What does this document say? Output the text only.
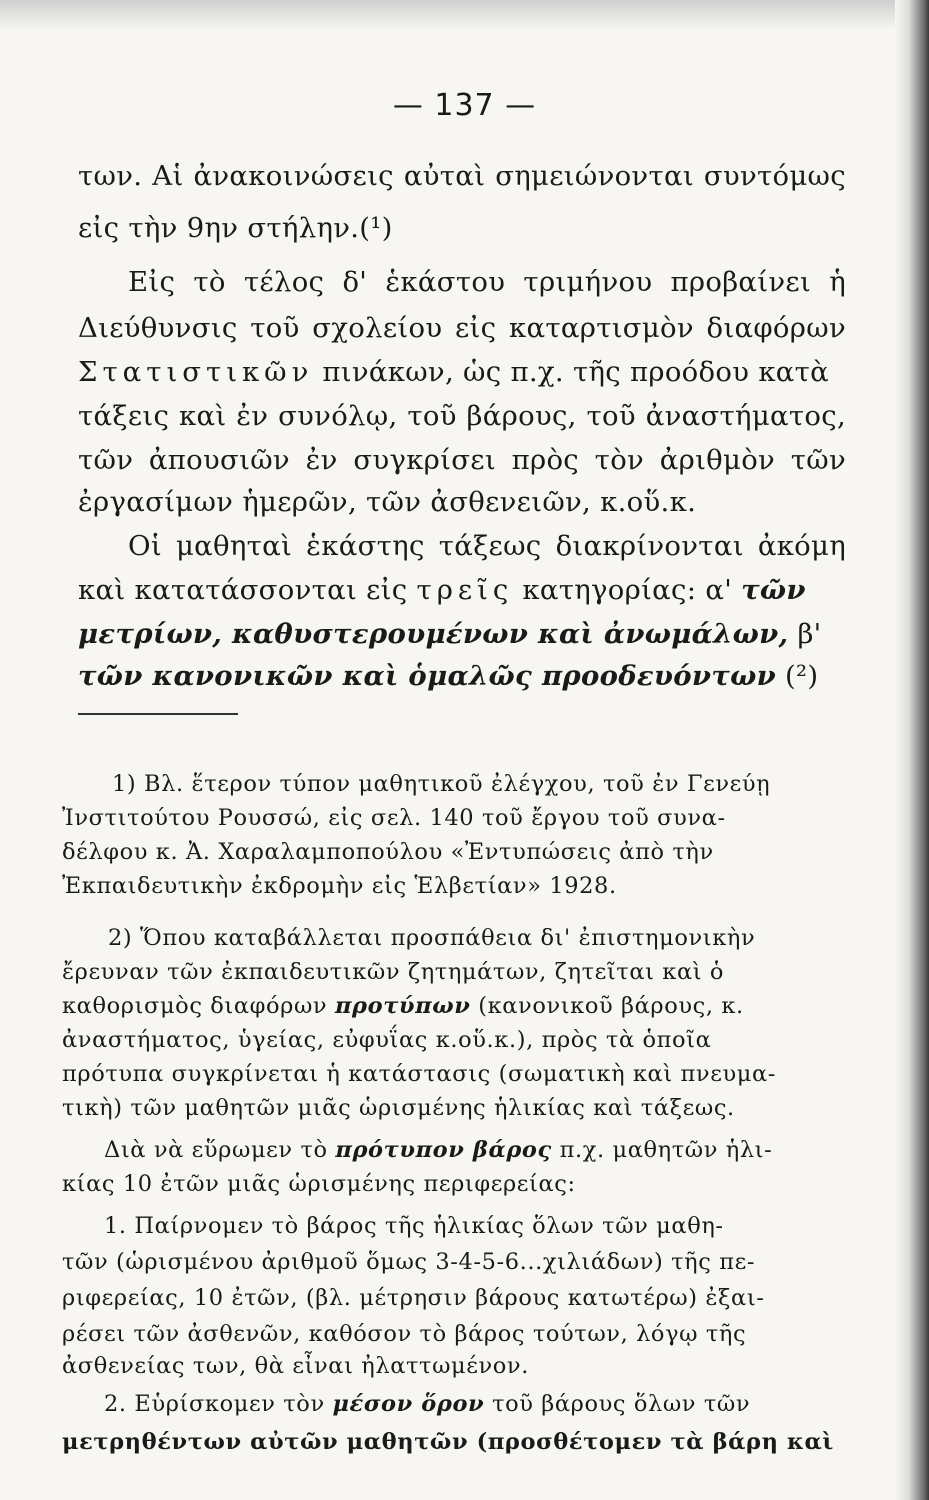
— 137 —
των. Αἱ ἀνακοινώσεις αὐταὶ σημειώνονται συντόμως
εἰς τὴν 9ην στήλην.(¹)
Εἰς τὸ τέλος δ' ἑκάστου τριμήνου προβαίνει ἡ
Διεύθυνσις τοῦ σχολείου εἰς καταρτισμὸν διαφόρων
Στατιστικῶν πινάκων, ὡς π.χ. τῆς προόδου κατὰ
τάξεις καὶ ἐν συνόλῳ, τοῦ βάρους, τοῦ ἀναστήματος,
τῶν ἀπουσιῶν ἐν συγκρίσει πρὸς τὸν ἀριθμὸν τῶν
ἐργασίμων ἡμερῶν, τῶν ἀσθενειῶν, κ.οὕ.κ.
Οἱ μαθηταὶ ἑκάστης τάξεως διακρίνονται ἀκόμη
καὶ κατατάσσονται εἰς τρεῖς κατηγορίας: α' τῶν
μετρίων, καθυστερουμένων καὶ ἀνωμάλων, β'
τῶν κανονικῶν καὶ ὁμαλῶς προοδευόντων (²)
1) Βλ. ἕτερον τύπον μαθητικοῦ ἐλέγχου, τοῦ ἐν Γενεύῃ
Ἰνστιτούτου Ρουσσώ, εἰς σελ. 140 τοῦ ἔργου τοῦ συνα-
δέλφου κ. Ἀ. Χαραλαμποπούλου «Ἐντυπώσεις ἀπὸ τὴν
Ἐκπαιδευτικὴν ἐκδρομὴν εἰς Ἑλβετίαν» 1928.
2) Ὅπου καταβάλλεται προσπάθεια δι' ἐπιστημονικὴν
ἔρευναν τῶν ἐκπαιδευτικῶν ζητημάτων, ζητεῖται καὶ ὁ
καθορισμὸς διαφόρων προτύπων (κανονικοῦ βάρους, κ.
ἀναστήματος, ὑγείας, εὐφυΐας κ.οὕ.κ.), πρὸς τὰ ὁποῖα
πρότυπα συγκρίνεται ἡ κατάστασις (σωματικὴ καὶ πνευμα-
τικὴ) τῶν μαθητῶν μιᾶς ὡρισμένης ἡλικίας καὶ τάξεως.
Διὰ νὰ εὕρωμεν τὸ πρότυπον βάρος π.χ. μαθητῶν ἡλι-
κίας 10 ἐτῶν μιᾶς ὡρισμένης περιφερείας:
1. Παίρνομεν τὸ βάρος τῆς ἡλικίας ὅλων τῶν μαθη-
τῶν (ὡρισμένου ἀριθμοῦ ὅμως 3-4-5-6...χιλιάδων) τῆς πε-
ριφερείας, 10 ἐτῶν, (βλ. μέτρησιν βάρους κατωτέρω) ἐξαι-
ρέσει τῶν ἀσθενῶν, καθόσον τὸ βάρος τούτων, λόγῳ τῆς
ἀσθενείας των, θὰ εἶναι ἠλαττωμένον.
2. Εὑρίσκομεν τὸν μέσον ὅρον τοῦ βάρους ὅλων τῶν
μετρηθέντων αὐτῶν μαθητῶν (προσθέτομεν τὰ βάρη καὶ
